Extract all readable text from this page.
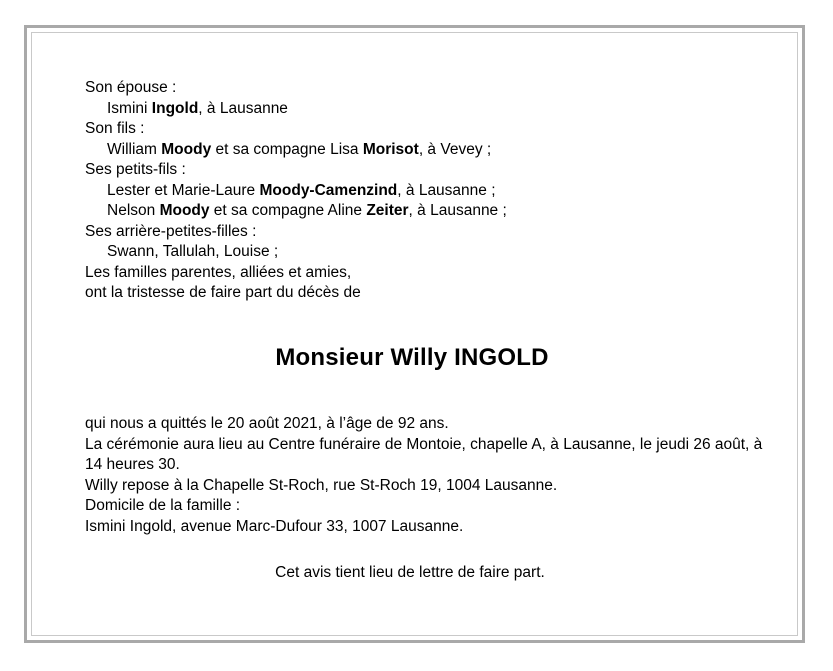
Son épouse :
Ismini Ingold, à Lausanne
Son fils :
William Moody et sa compagne Lisa Morisot, à Vevey ;
Ses petits-fils :
Lester et Marie-Laure Moody-Camenzind, à Lausanne ;
Nelson Moody et sa compagne Aline Zeiter, à Lausanne ;
Ses arrière-petites-filles :
Swann, Tallulah, Louise ;
Les familles parentes, alliées et amies,
ont la tristesse de faire part du décès de
Monsieur Willy INGOLD
qui nous a quittés le 20 août 2021, à l’âge de 92 ans.
La cérémonie aura lieu au Centre funéraire de Montoie, chapelle A, à Lausanne, le jeudi 26 août, à 14 heures 30.
Willy repose à la Chapelle St-Roch, rue St-Roch 19, 1004 Lausanne.
Domicile de la famille :
Ismini Ingold, avenue Marc-Dufour 33, 1007 Lausanne.
Cet avis tient lieu de lettre de faire part.
